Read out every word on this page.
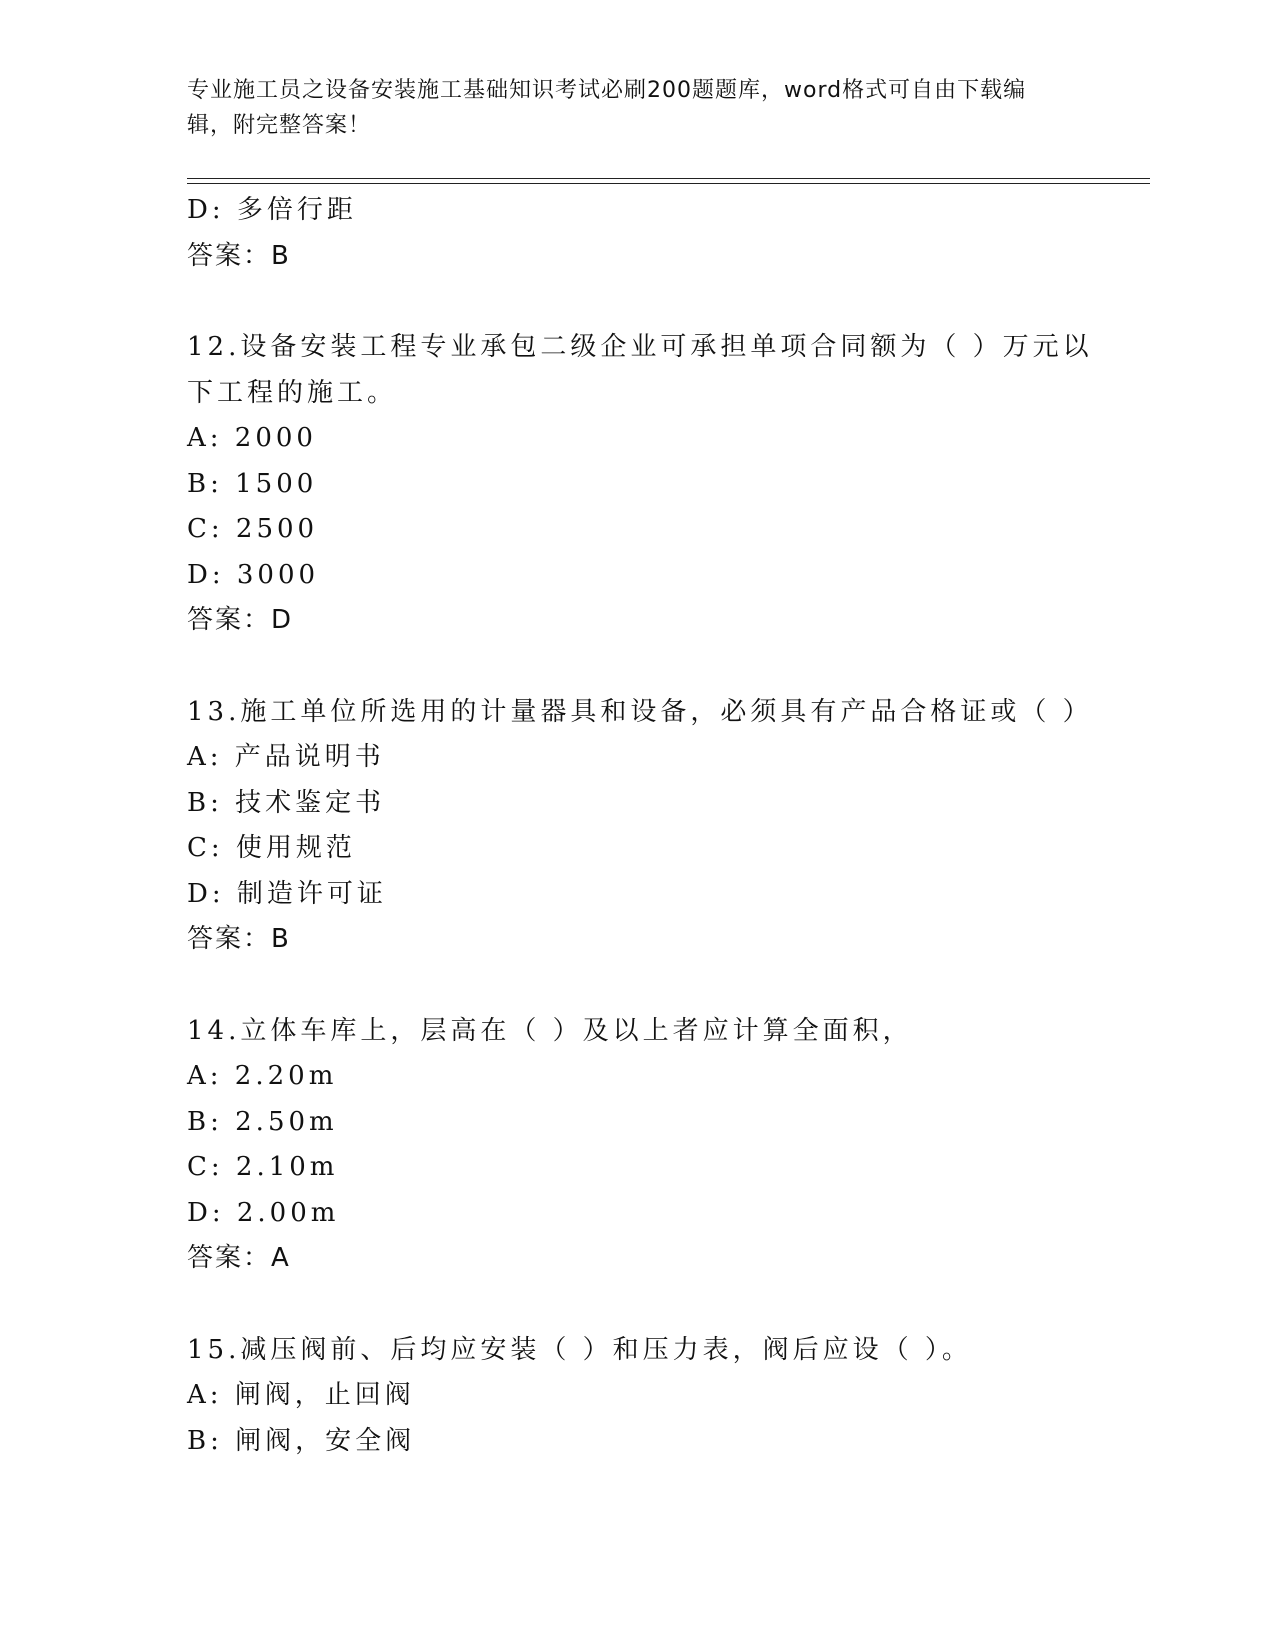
专业施工员之设备安装施工基础知识考试必刷200题题库，word格式可自由下载编辑，附完整答案！
D: 多倍行距
答案：B
12.设备安装工程专业承包二级企业可承担单项合同额为（ ）万元以
下工程的施工。
A: 2000
B: 1500
C: 2500
D: 3000
答案：D
13.施工单位所选用的计量器具和设备，必须具有产品合格证或（ ）
A: 产品说明书
B: 技术鉴定书
C: 使用规范
D: 制造许可证
答案：B
14.立体车库上，层高在（ ）及以上者应计算全面积，
A: 2.20m
B: 2.50m
C: 2.10m
D: 2.00m
答案：A
15.减压阀前、后均应安装（ ）和压力表，阀后应设（ ）。
A: 闸阀，止回阀
B: 闸阀，安全阀
